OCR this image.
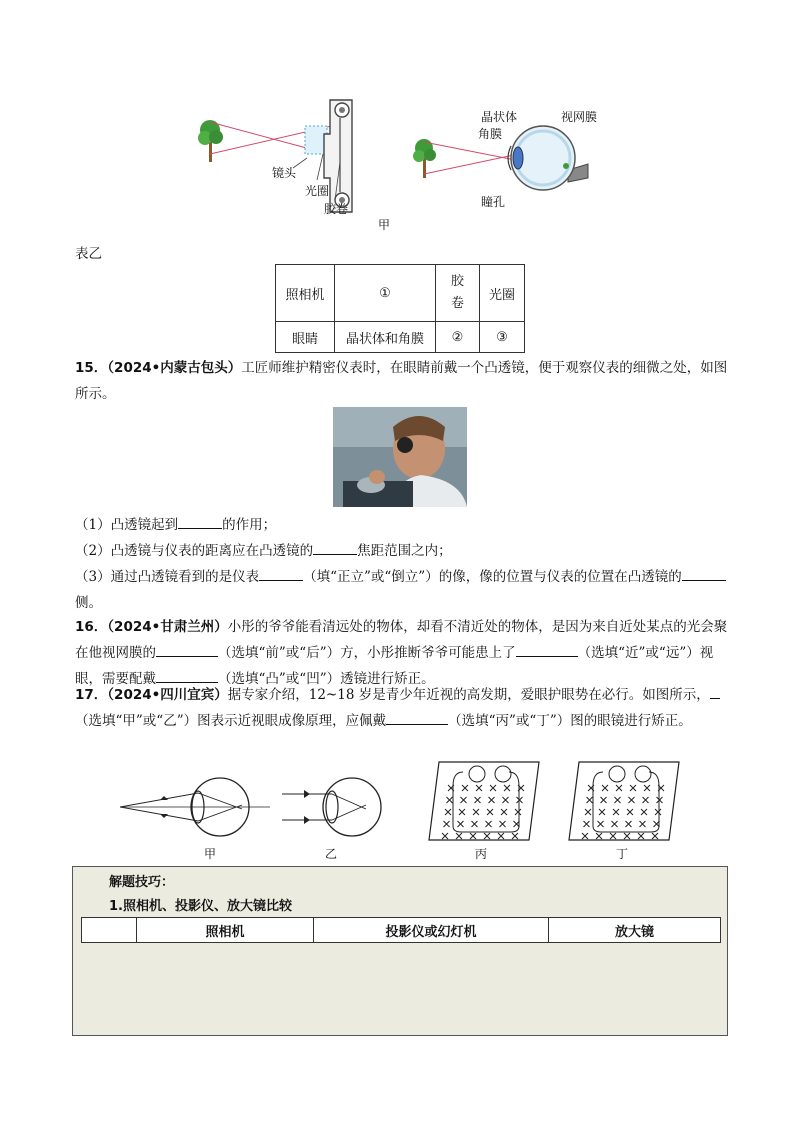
镜头
光圈
胶卷
晶状体
角膜
视网膜
瞳孔
甲
表乙
照相机	①	胶卷	光圈
眼睛	晶状体和角膜	②	③
15．（2024•内蒙古包头）工匠师维护精密仪表时，在眼睛前戴一个凸透镜，便于观察仪表的细微之处，如图所示。
（1）凸透镜起到	的作用；
（2）凸透镜与仪表的距离应在凸透镜的	焦距范围之内；
（3）通过凸透镜看到的是仪表	（填“正立”或“倒立”）的像，像的位置与仪表的位置在凸透镜的侧。
16．（2024•甘肃兰州）小彤的爷爷能看清远处的物体，却看不清近处的物体，是因为来自近处某点的光会聚在他视网膜的	（选填“前”或“后”）方，小彤推断爷爷可能患上了	（选填“近”或“远”）视眼，需要配戴	（选填“凸”或“凹”）透镜进行矫正。
17．（2024•四川宜宾）据专家介绍，12~18 岁是青少年近视的高发期，爱眼护眼势在必行。如图所示，（选填“甲”或“乙”）图表示近视眼成像原理，应佩戴	（选填“丙”或“丁”）图的眼镜进行矫正。
甲	乙	丙	丁
解题技巧：
1.照相机、投影仪、放大镜比较
	照相机	投影仪或幻灯机	放大镜
